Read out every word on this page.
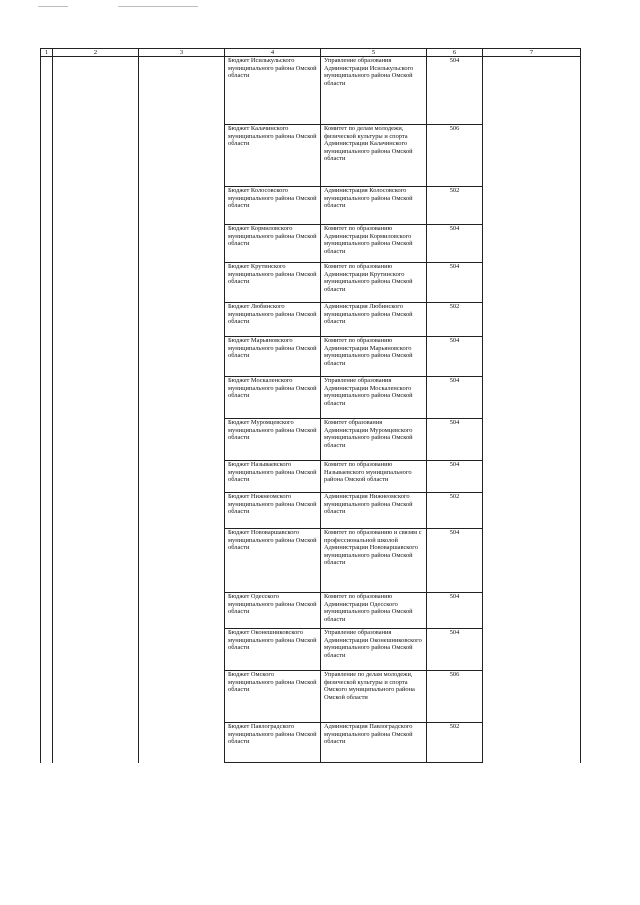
1	2	3	4	5	6	7
			Бюджет Исилькульского муниципального района Омской области	Управление образования Администрации Исилькульского муниципального района Омской области	504	
			Бюджет Калачинского муниципального района Омской области	Комитет по делам молодежи, физической культуры и спорта Администрации Калачинского муниципального района Омской области	506	
			Бюджет Колосовского муниципального района Омской области	Администрация Колосовского муниципального района Омской области	502	
			Бюджет Кормиловского муниципального района Омской области	Комитет по образованию Администрации Кормиловского муниципального района Омской области	504	
			Бюджет Крутинского муниципального района Омской области	Комитет по образованию Администрации Крутинского муниципального района Омской области	504	
			Бюджет Любинского муниципального района Омской области	Администрация Любинского муниципального района Омской области	502	
			Бюджет Марьяновского муниципального района Омской области	Комитет по образованию Администрации Марьяновского муниципального района Омской области	504	
			Бюджет Москаленского муниципального района Омской области	Управление образования Администрации Москаленского муниципального района Омской области	504	
			Бюджет Муромцевского муниципального района Омской области	Комитет образования Администрации Муромцевского муниципального района Омской области	504	
			Бюджет Называевского муниципального района Омской области	Комитет по образованию Называевского муниципального района Омской области	504	
			Бюджет Нижнеомского муниципального района Омской области	Администрация Нижнеомского муниципального района Омской области	502	
			Бюджет Нововаршавского муниципального района Омской области	Комитет по образованию и связям с профессиональной школой Администрации Нововаршавского муниципального района Омской области	504	
			Бюджет Одесского муниципального района Омской области	Комитет по образованию Администрации Одесского муниципального района Омской области	504	
			Бюджет Оконешниковского муниципального района Омской области	Управление образования Администрации Оконешниковского муниципального района Омской области	504	
			Бюджет Омского муниципального района Омской области	Управление по делам молодежи, физической культуры и спорта Омского муниципального района Омской области	506	
			Бюджет Павлоградского муниципального района Омской области	Администрация Павлоградского муниципального района Омской области	502	
